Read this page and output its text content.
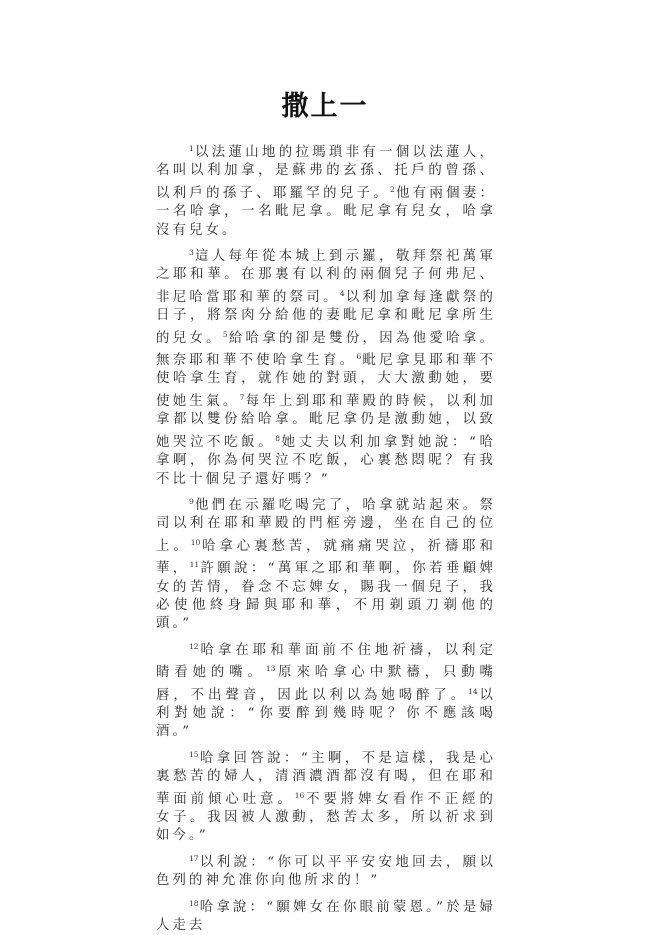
撒上一

$^1$以法蓮山地的拉瑪瑣非有一個以法蓮人，名叫以利加拿，是蘇弗的玄孫、托戶的曾孫、以利戶的孫子、耶羅罕的兒子。$^2$他有兩個妻：一名哈拿，一名毗尼拿。毗尼拿有兒女，哈拿沒有兒女。

$^3$這人每年從本城上到示羅，敬拜祭祀萬軍之耶和華。在那裏有以利的兩個兒子何弗尼、非尼哈當耶和華的祭司。$^4$以利加拿每逢獻祭的日子，將祭肉分給他的妻毗尼拿和毗尼拿所生的兒女。$^5$給哈拿的卻是雙份，因為他愛哈拿。無奈耶和華不使哈拿生育。$^6$毗尼拿見耶和華不使哈拿生育，就作她的對頭，大大激動她，要使她生氣。$^7$每年上到耶和華殿的時候，以利加拿都以雙份給哈拿。毗尼拿仍是激動她，以致她哭泣不吃飯。$^8$她丈夫以利加拿對她說：“哈拿啊，你為何哭泣不吃飯，心裏愁悶呢？有我不比十個兒子還好嗎？”

$^9$他們在示羅吃喝完了，哈拿就站起來。祭司以利在耶和華殿的門框旁邊，坐在自己的位上。$^{10}$哈拿心裏愁苦，就痛痛哭泣，祈禱耶和華，$^{11}$許願說：“萬軍之耶和華啊，你若垂顧婢女的苦情，眷念不忘婢女，賜我一個兒子，我必使他終身歸與耶和華，不用剃頭刀剃他的頭。”

$^{12}$哈拿在耶和華面前不住地祈禱，以利定睛看她的嘴。$^{13}$原來哈拿心中默禱，只動嘴唇，不出聲音，因此以利以為她喝醉了。$^{14}$以利對她說：“你要醉到幾時呢？你不應該喝酒。”

$^{15}$哈拿回答說：“主啊，不是這樣，我是心裏愁苦的婦人，清酒濃酒都沒有喝，但在耶和華面前傾心吐意。$^{16}$不要將婢女看作不正經的女子。我因被人激動，愁苦太多，所以祈求到如今。”

$^{17}$以利說：“你可以平平安安地回去，願以色列的神允准你向他所求的！”

$^{18}$哈拿說：“願婢女在你眼前蒙恩。”於是婦人走去
